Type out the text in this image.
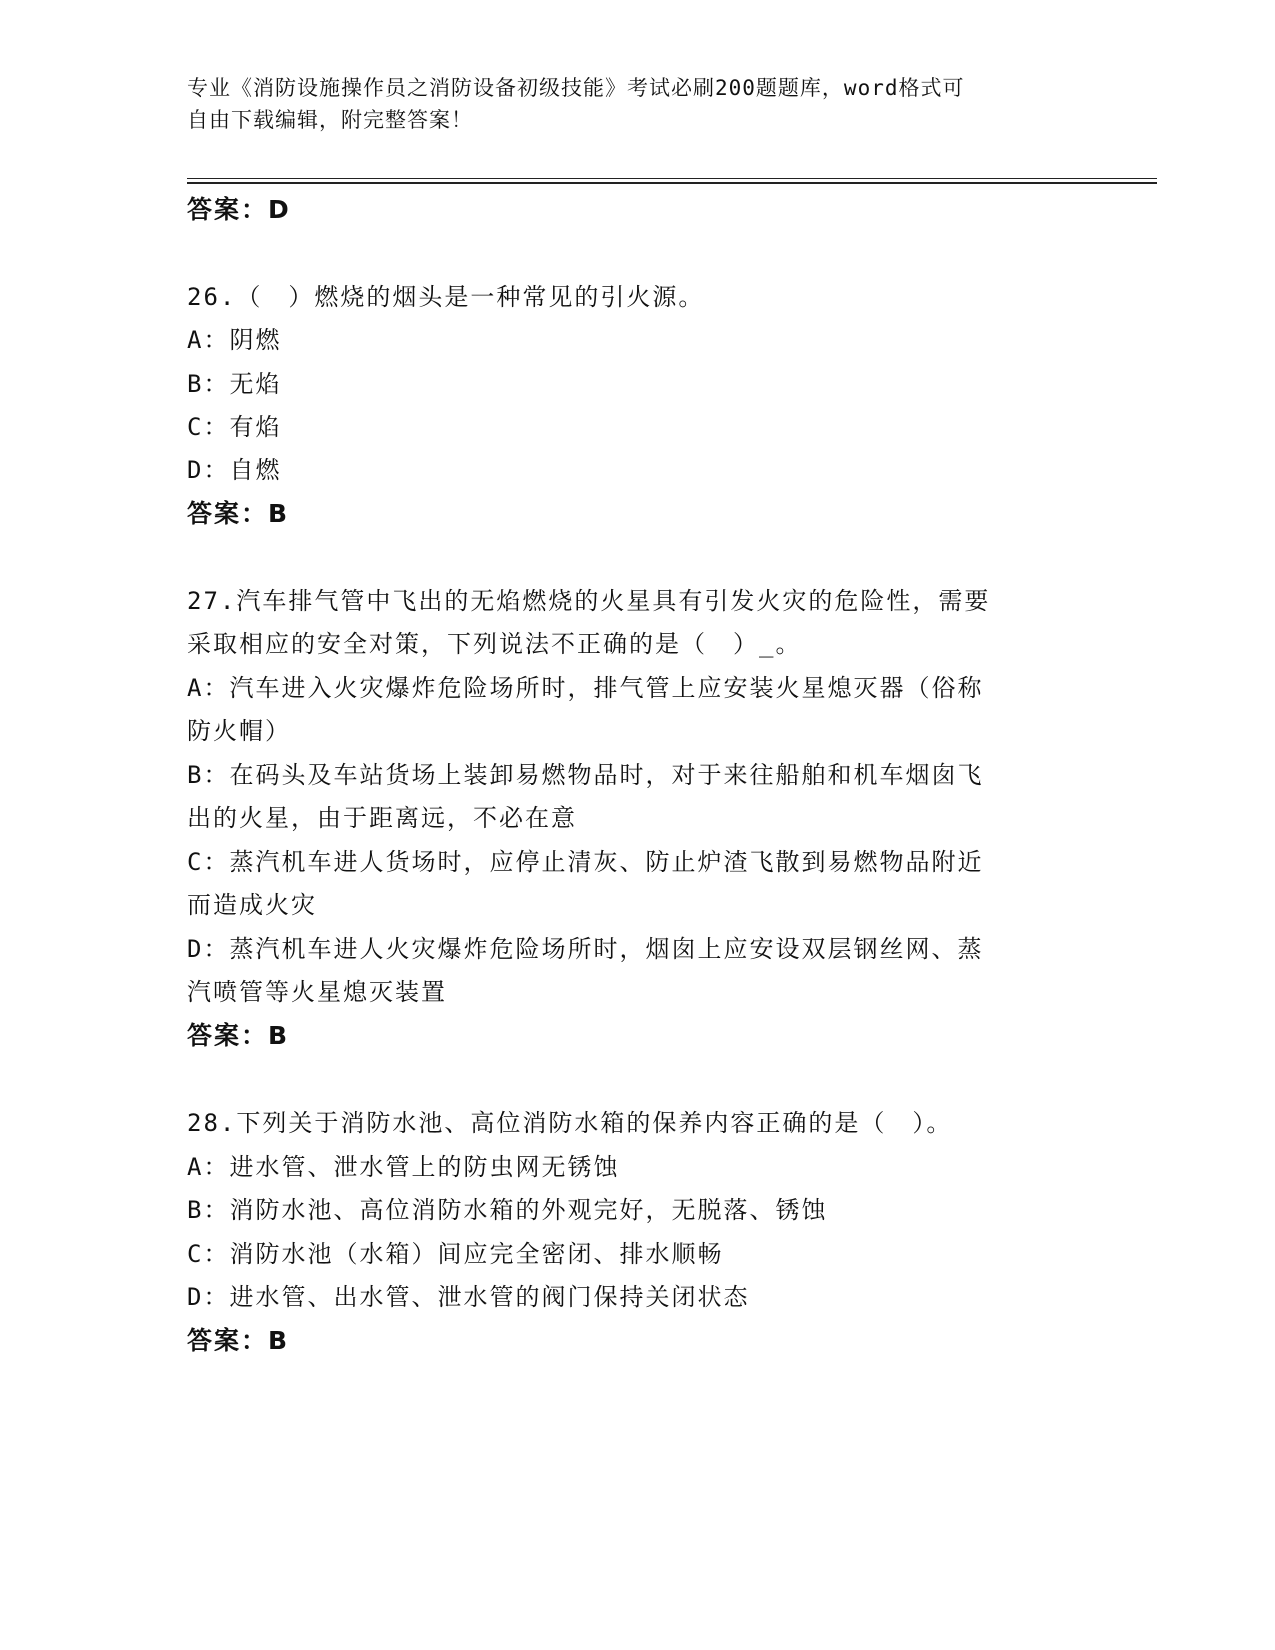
专业《消防设施操作员之消防设备初级技能》考试必刷200题题库，word格式可
自由下载编辑，附完整答案！
答案：D
26.（　）燃烧的烟头是一种常见的引火源。
A：阴燃
B：无焰
C：有焰
D：自燃
答案：B
27.汽车排气管中飞出的无焰燃烧的火星具有引发火灾的危险性，需要
采取相应的安全对策，下列说法不正确的是（　）_。
A：汽车进入火灾爆炸危险场所时，排气管上应安装火星熄灭器（俗称
防火帽）
B：在码头及车站货场上装卸易燃物品时，对于来往船舶和机车烟囱飞
出的火星，由于距离远，不必在意
C：蒸汽机车进人货场时，应停止清灰、防止炉渣飞散到易燃物品附近
而造成火灾
D：蒸汽机车进人火灾爆炸危险场所时，烟囱上应安设双层钢丝网、蒸
汽喷管等火星熄灭装置
答案：B
28.下列关于消防水池、高位消防水箱的保养内容正确的是（　）。
A：进水管、泄水管上的防虫网无锈蚀
B：消防水池、高位消防水箱的外观完好，无脱落、锈蚀
C：消防水池（水箱）间应完全密闭、排水顺畅
D：进水管、出水管、泄水管的阀门保持关闭状态
答案：B
